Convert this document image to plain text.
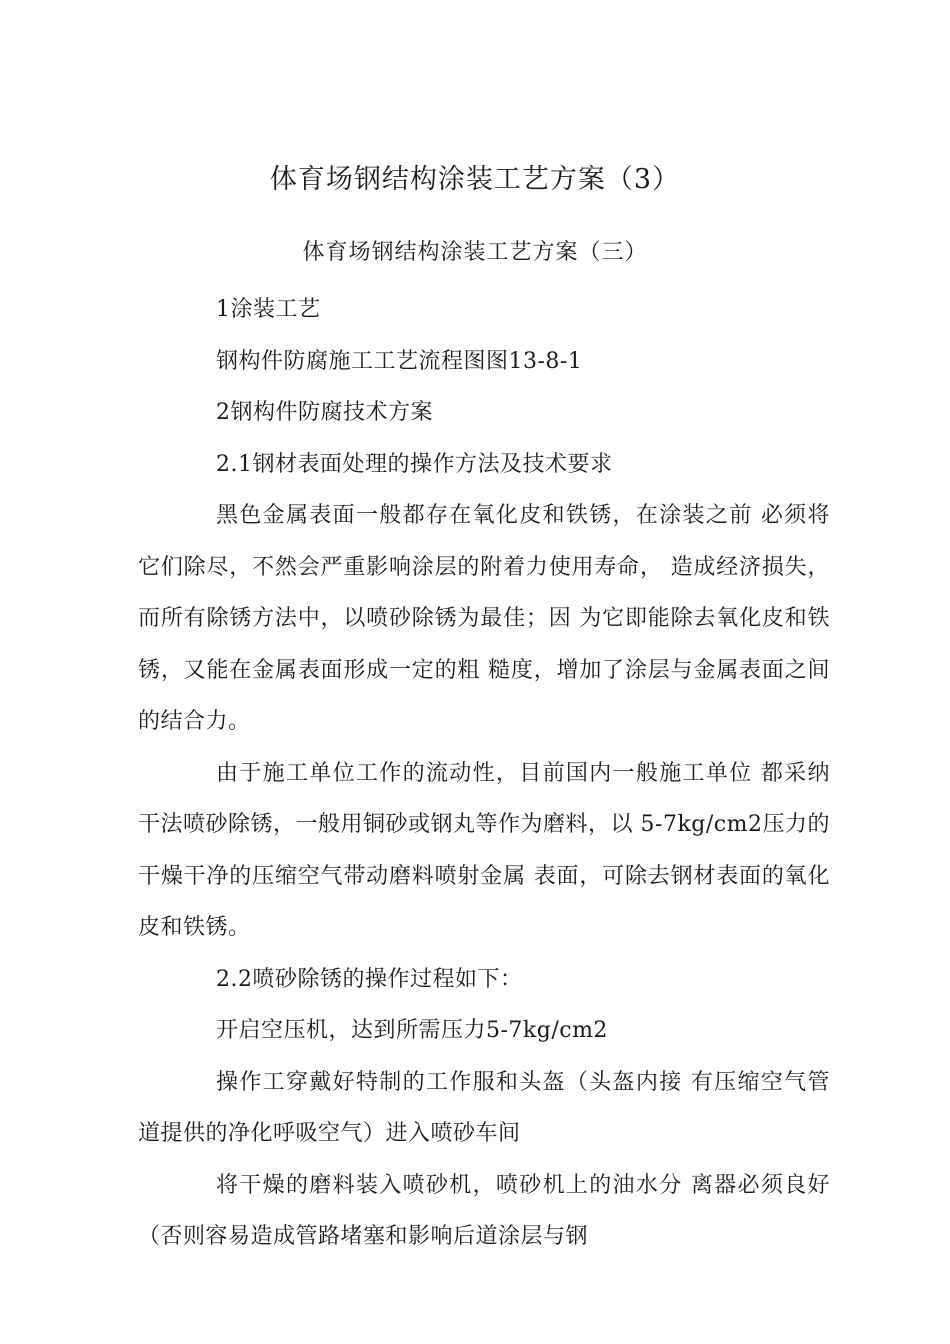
体育场钢结构涂装工艺方案（3）
体育场钢结构涂装工艺方案（三）

1涂装工艺

钢构件防腐施工工艺流程图图13-8-1

2钢构件防腐技术方案

2.1钢材表面处理的操作方法及技术要求

黑色金属表面一般都存在氧化皮和铁锈，在涂装之前 必须将它们除尽，不然会严重影响涂层的附着力使用寿命， 造成经济损失，而所有除锈方法中，以喷砂除锈为最佳；因 为它即能除去氧化皮和铁锈，又能在金属表面形成一定的粗 糙度，增加了涂层与金属表面之间的结合力。

由于施工单位工作的流动性，目前国内一般施工单位 都采纳干法喷砂除锈，一般用铜砂或钢丸等作为磨料，以 5-7kg/cm2压力的干燥干净的压缩空气带动磨料喷射金属 表面，可除去钢材表面的氧化皮和铁锈。

2.2喷砂除锈的操作过程如下：

开启空压机，达到所需压力5-7kg/cm2

操作工穿戴好特制的工作服和头盔（头盔内接 有压缩空气管道提供的净化呼吸空气）进入喷砂车间

将干燥的磨料装入喷砂机，喷砂机上的油水分 离器必须良好（否则容易造成管路堵塞和影响后道涂层与钢
